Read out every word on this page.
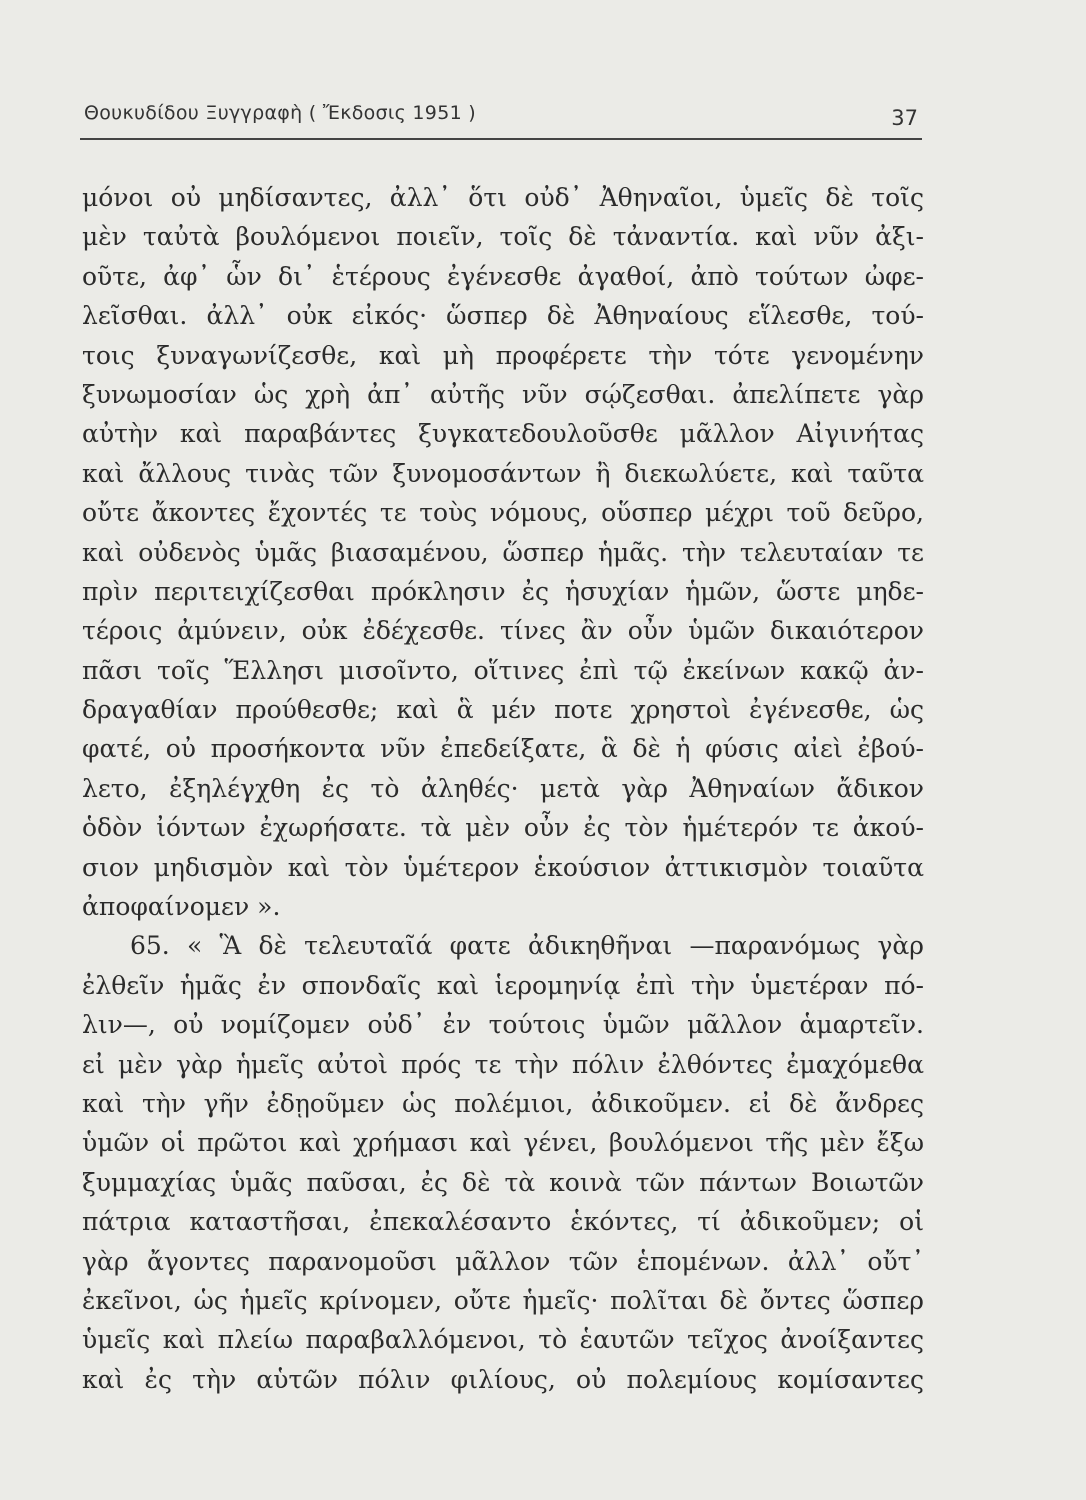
Θουκυδίδου Ξυγγραφὴ ( Ἔκδοσις 1951 )	37
μόνοι οὐ μηδίσαντες, ἀλλ᾽ ὅτι οὐδ᾽ Ἀθηναῖοι, ὑμεῖς δὲ τοῖς
μὲν ταὐτὰ βουλόμενοι ποιεῖν, τοῖς δὲ τἀναντία. καὶ νῦν ἀξι-
οῦτε, ἀφ᾽ ὧν δι᾽ ἑτέρους ἐγένεσθε ἀγαθοί, ἀπὸ τούτων ὠφε-
λεῖσθαι. ἀλλ᾽ οὐκ εἰκός· ὥσπερ δὲ Ἀθηναίους εἵλεσθε, τού-
τοις ξυναγωνίζεσθε, καὶ μὴ προφέρετε τὴν τότε γενομένην
ξυνωμοσίαν ὡς χρὴ ἀπ᾽ αὐτῆς νῦν σῴζεσθαι. ἀπελίπετε γὰρ
αὐτὴν καὶ παραβάντες ξυγκατεδουλοῦσθε μᾶλλον Αἰγινήτας
καὶ ἄλλους τινὰς τῶν ξυνομοσάντων ἢ διεκωλύετε, καὶ ταῦτα
οὔτε ἄκοντες ἔχοντές τε τοὺς νόμους, οὕσπερ μέχρι τοῦ δεῦρο,
καὶ οὐδενὸς ὑμᾶς βιασαμένου, ὥσπερ ἡμᾶς. τὴν τελευταίαν τε
πρὶν περιτειχίζεσθαι πρόκλησιν ἐς ἡσυχίαν ἡμῶν, ὥστε μηδε-
τέροις ἀμύνειν, οὐκ ἐδέχεσθε. τίνες ἂν οὖν ὑμῶν δικαιότερον
πᾶσι τοῖς Ἕλλησι μισοῖντο, οἵτινες ἐπὶ τῷ ἐκείνων κακῷ ἀν-
δραγαθίαν προύθεσθε; καὶ ἃ μέν ποτε χρηστοὶ ἐγένεσθε, ὡς
φατέ, οὐ προσήκοντα νῦν ἐπεδείξατε, ἃ δὲ ἡ φύσις αἰεὶ ἐβού-
λετο, ἐξηλέγχθη ἐς τὸ ἀληθές· μετὰ γὰρ Ἀθηναίων ἄδικον
ὁδὸν ἰόντων ἐχωρήσατε. τὰ μὲν οὖν ἐς τὸν ἡμέτερόν τε ἀκού-
σιον μηδισμὸν καὶ τὸν ὑμέτερον ἑκούσιον ἀττικισμὸν τοιαῦτα
ἀποφαίνομεν ».
65. « Ἃ δὲ τελευταῖά φατε ἀδικηθῆναι —παρανόμως γὰρ
ἐλθεῖν ἡμᾶς ἐν σπονδαῖς καὶ ἱερομηνίᾳ ἐπὶ τὴν ὑμετέραν πό-
λιν—, οὐ νομίζομεν οὐδ᾽ ἐν τούτοις ὑμῶν μᾶλλον ἁμαρτεῖν.
εἰ μὲν γὰρ ἡμεῖς αὐτοὶ πρός τε τὴν πόλιν ἐλθόντες ἐμαχόμεθα
καὶ τὴν γῆν ἐδῃοῦμεν ὡς πολέμιοι, ἀδικοῦμεν. εἰ δὲ ἄνδρες
ὑμῶν οἱ πρῶτοι καὶ χρήμασι καὶ γένει, βουλόμενοι τῆς μὲν ἔξω
ξυμμαχίας ὑμᾶς παῦσαι, ἐς δὲ τὰ κοινὰ τῶν πάντων Βοιωτῶν
πάτρια καταστῆσαι, ἐπεκαλέσαντο ἑκόντες, τί ἀδικοῦμεν; οἱ
γὰρ ἄγοντες παρανομοῦσι μᾶλλον τῶν ἑπομένων. ἀλλ᾽ οὔτ᾽
ἐκεῖνοι, ὡς ἡμεῖς κρίνομεν, οὔτε ἡμεῖς· πολῖται δὲ ὄντες ὥσπερ
ὑμεῖς καὶ πλείω παραβαλλόμενοι, τὸ ἑαυτῶν τεῖχος ἀνοίξαντες
καὶ ἐς τὴν αὑτῶν πόλιν φιλίους, οὐ πολεμίους κομίσαντες
